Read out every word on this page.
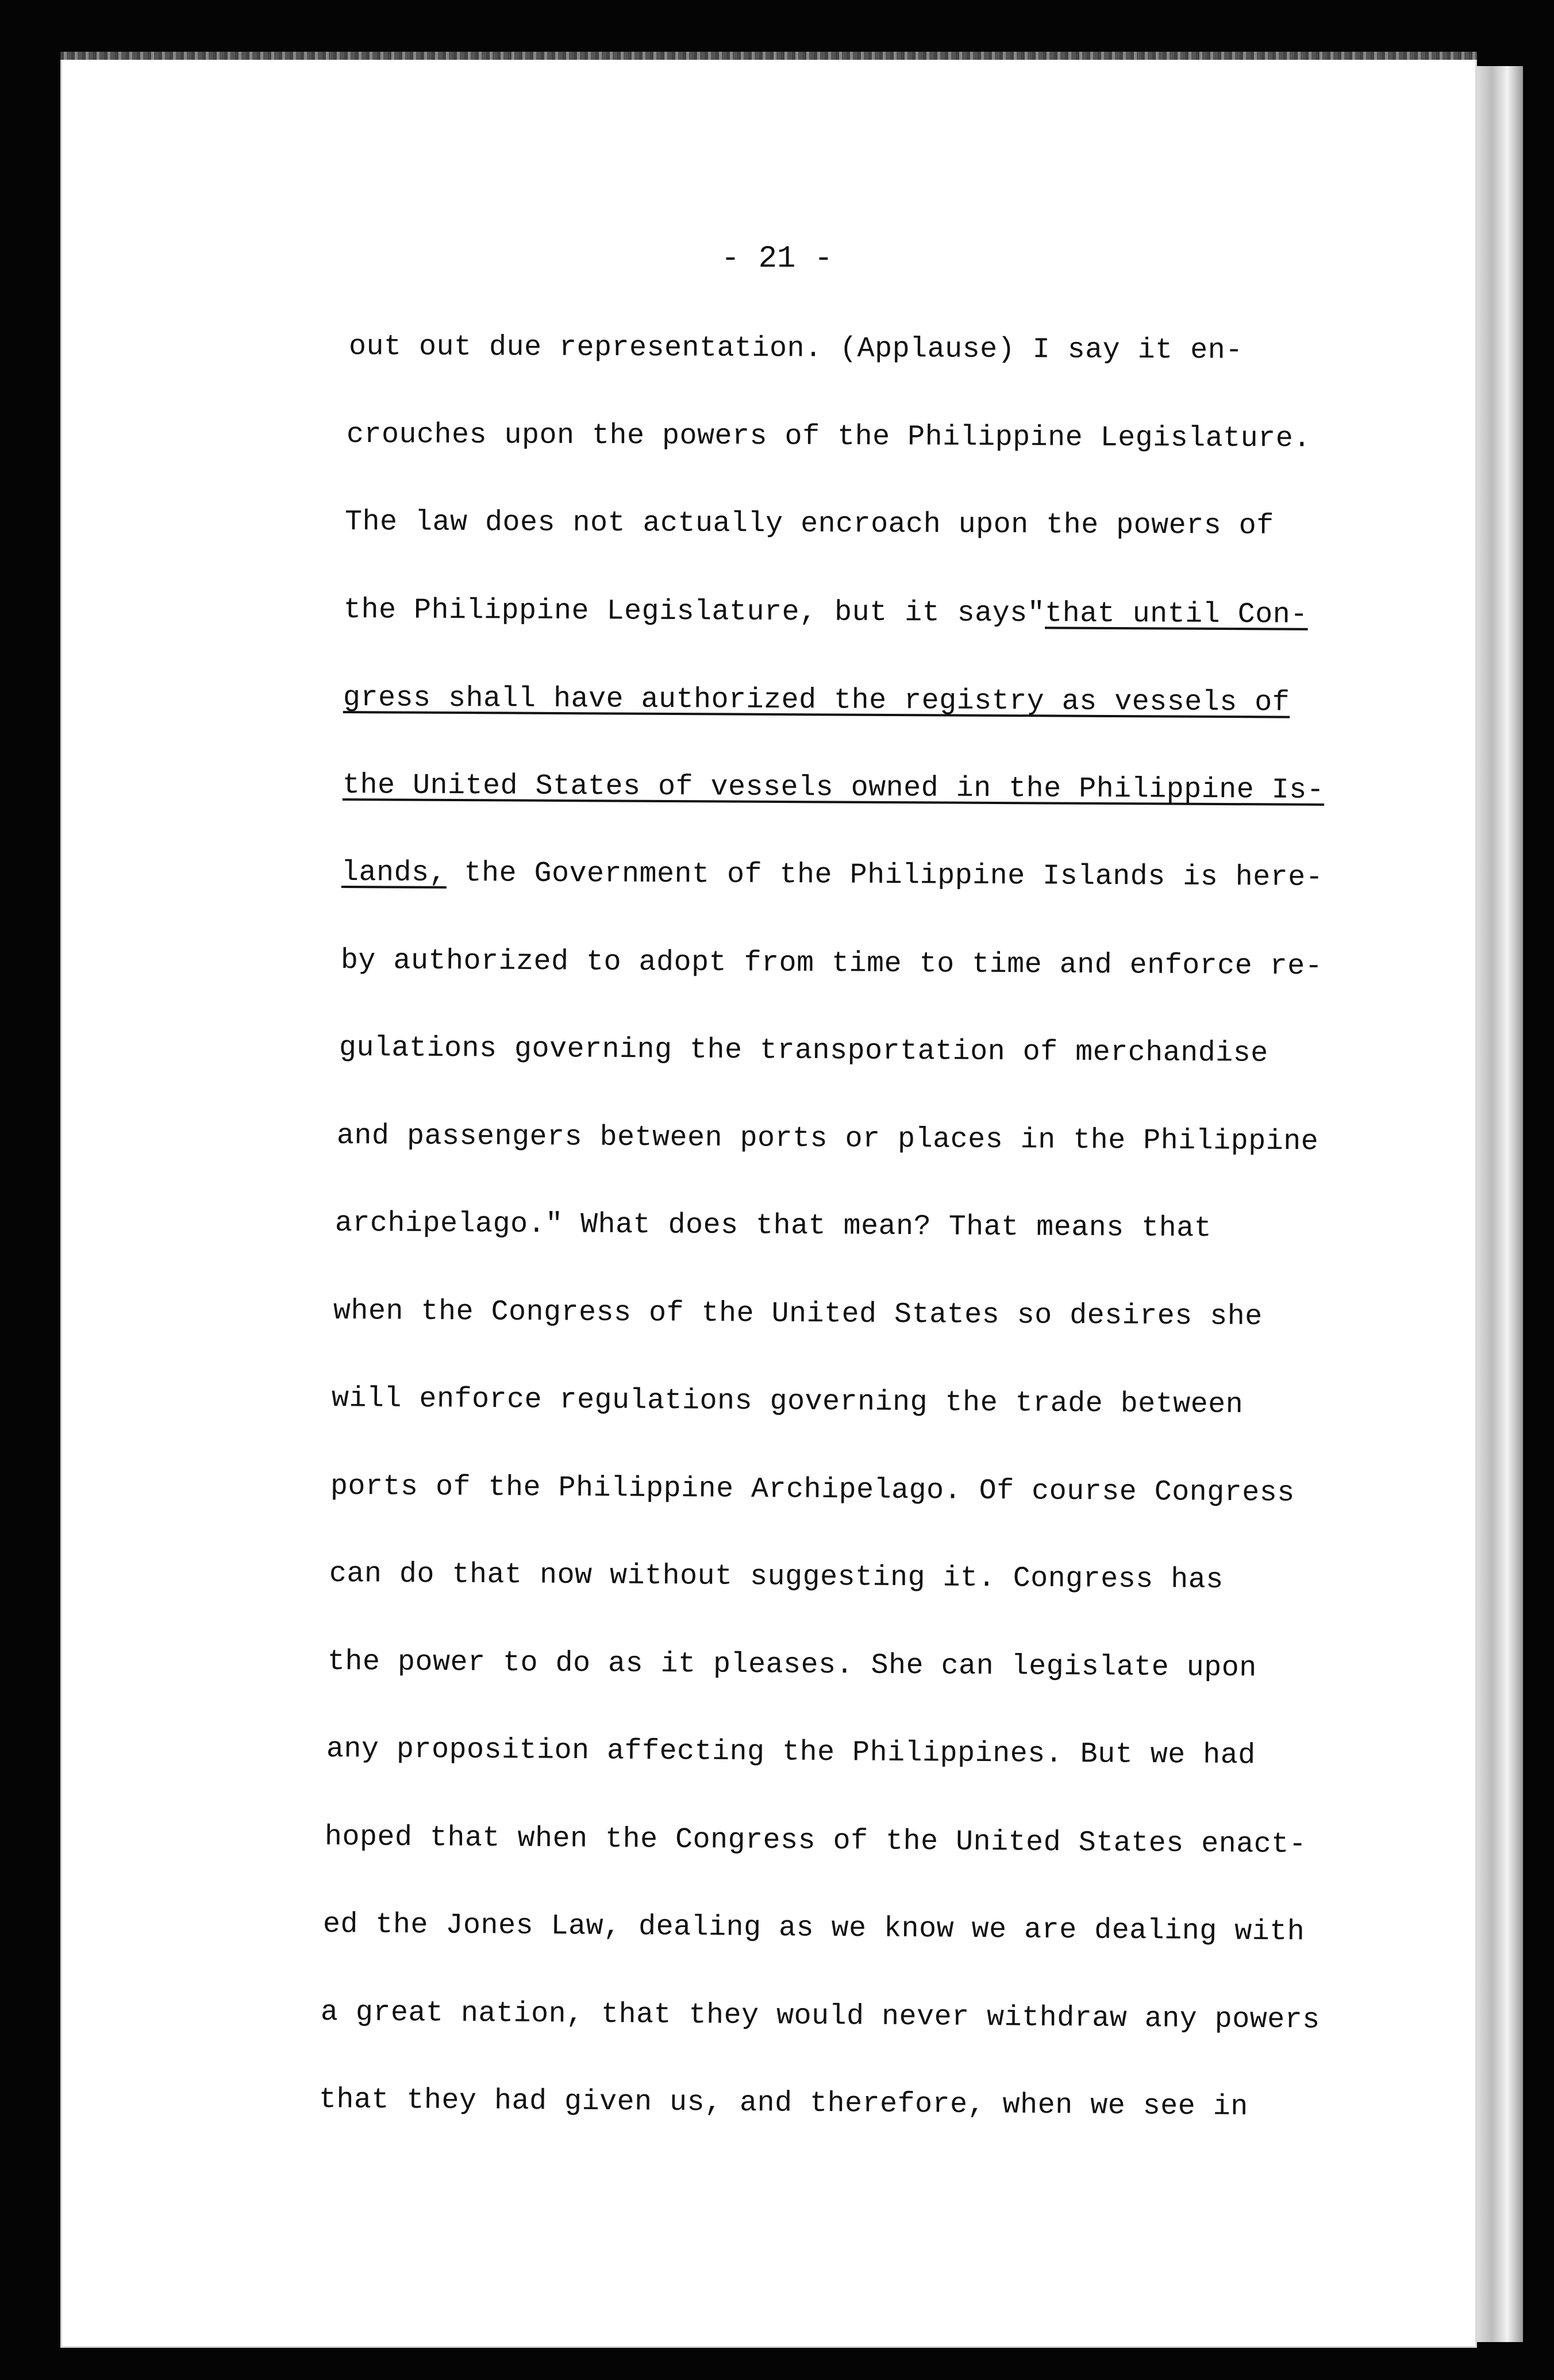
- 21 -
out out due representation. (Applause) I say it en-
crouches upon the powers of the Philippine Legislature.
The law does not actually encroach upon the powers of
the Philippine Legislature, but it says"that until Con-
gress shall have authorized the registry as vessels of
the United States of vessels owned in the Philippine Is-
lands, the Government of the Philippine Islands is here-
by authorized to adopt from time to time and enforce re-
gulations governing the transportation of merchandise
and passengers between ports or places in the Philippine
archipelago." What does that mean? That means that
when the Congress of the United States so desires she
will enforce regulations governing the trade between
ports of the Philippine Archipelago. Of course Congress
can do that now without suggesting it. Congress has
the power to do as it pleases. She can legislate upon
any proposition affecting the Philippines. But we had
hoped that when the Congress of the United States enact-
ed the Jones Law, dealing as we know we are dealing with
a great nation, that they would never withdraw any powers
that they had given us, and therefore, when we see in
